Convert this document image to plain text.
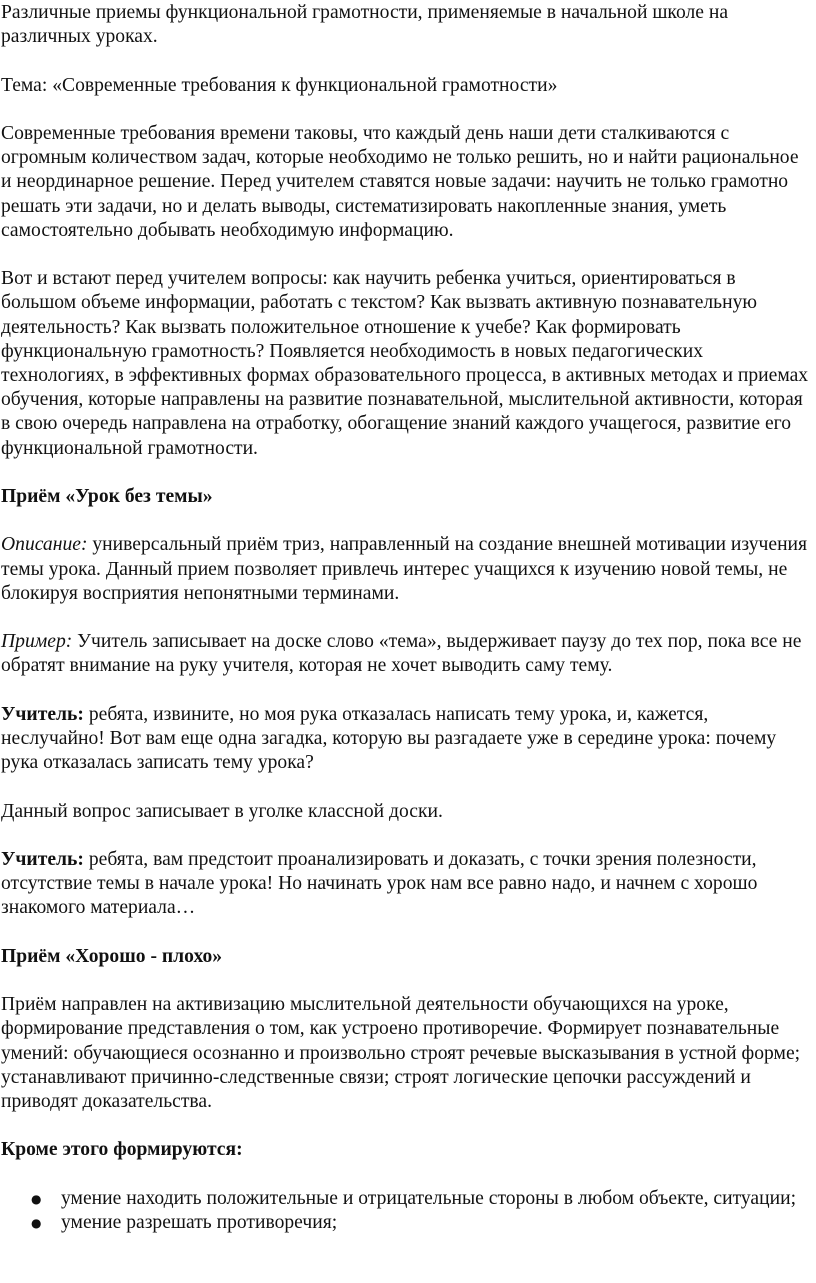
Различные приемы функциональной грамотности, применяемые в начальной школе на различных уроках.

Тема: «Современные требования к функциональной грамотности»

Современные требования времени таковы, что каждый день наши дети сталкиваются с огромным количеством задач, которые необходимо не только решить, но и найти рациональное и неординарное решение. Перед учителем ставятся новые задачи: научить не только грамотно решать эти задачи, но и делать выводы, систематизировать накопленные знания, уметь самостоятельно добывать необходимую информацию.

Вот и встают перед учителем вопросы: как научить ребенка учиться, ориентироваться в большом объеме информации, работать с текстом? Как вызвать активную познавательную деятельность? Как вызвать положительное отношение к учебе? Как формировать функциональную грамотность? Появляется необходимость в новых педагогических технологиях, в эффективных формах образовательного процесса, в активных методах и приемах обучения, которые направлены на развитие познавательной, мыслительной активности, которая в свою очередь направлена на отработку, обогащение знаний каждого учащегося, развитие его функциональной грамотности.

Приём «Урок без темы»

Описание: универсальный приём триз, направленный на создание внешней мотивации изучения темы урока. Данный прием позволяет привлечь интерес учащихся к изучению новой темы, не блокируя восприятия непонятными терминами.

Пример: Учитель записывает на доске слово «тема», выдерживает паузу до тех пор, пока все не обратят внимание на руку учителя, которая не хочет выводить саму тему.

Учитель: ребята, извините, но моя рука отказалась написать тему урока, и, кажется, неслучайно! Вот вам еще одна загадка, которую вы разгадаете уже в середине урока: почему рука отказалась записать тему урока?

Данный вопрос записывает в уголке классной доски.

Учитель: ребята, вам предстоит проанализировать и доказать, с точки зрения полезности, отсутствие темы в начале урока! Но начинать урок нам все равно надо, и начнем с хорошо знакомого материала…

Приём «Хорошо - плохо»

Приём направлен на активизацию мыслительной деятельности обучающихся на уроке, формирование представления о том, как устроено противоречие. Формирует познавательные умений: обучающиеся осознанно и произвольно строят речевые высказывания в устной форме; устанавливают причинно-следственные связи; строят логические цепочки рассуждений и приводят доказательства.

Кроме этого формируются:

● умение находить положительные и отрицательные стороны в любом объекте, ситуации;
● умение разрешать противоречия;
